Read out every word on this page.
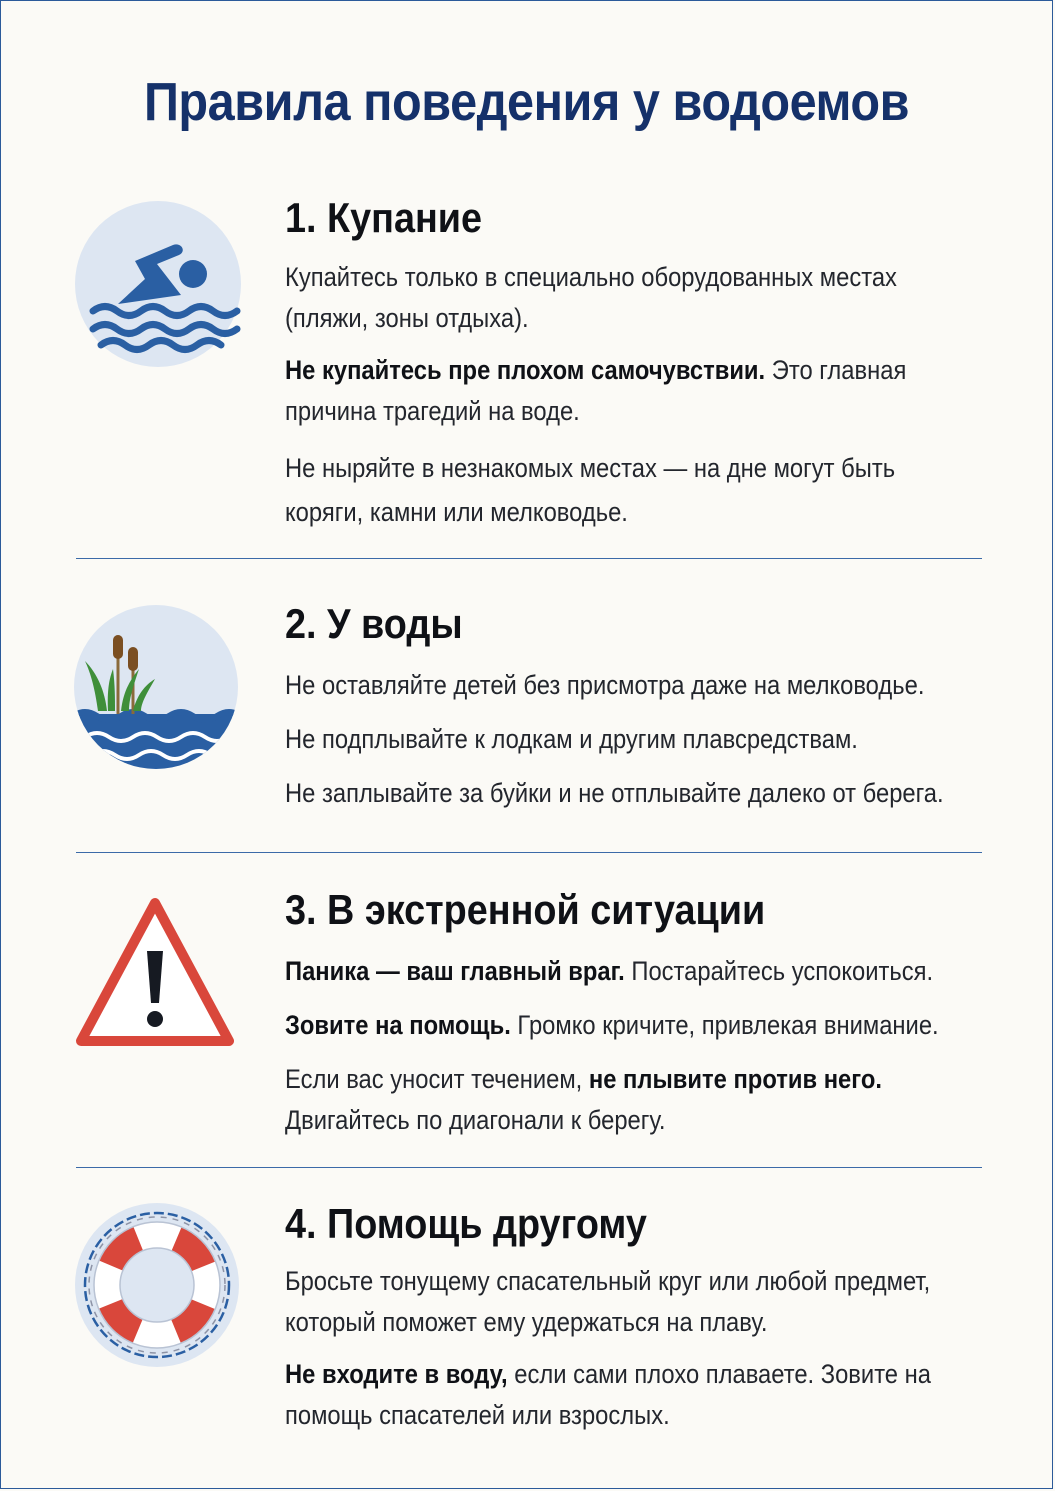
Правила поведения у водоемов
1. Купание
Купайтесь только в специально оборудованных местах
(пляжи, зоны отдыха).
Не купайтесь пре плохом самочувствии. Это главная
причина трагедий на воде.
Не ныряйте в незнакомых местах — на дне могут быть
коряги, камни или мелководье.
2. У воды
Не оставляйте детей без присмотра даже на мелководье.
Не подплывайте к лодкам и другим плавсредствам.
Не заплывайте за буйки и не отплывайте далеко от берега.
3. В экстренной ситуации
Паника — ваш главный враг. Постарайтесь успокоиться.
Зовите на помощь. Громко кричите, привлекая внимание.
Если вас уносит течением, не плывите против него.
Двигайтесь по диагонали к берегу.
4. Помощь другому
Бросьте тонущему спасательный круг или любой предмет,
который поможет ему удержаться на плаву.
Не входите в воду, если сами плохо плаваете. Зовите на
помощь спасателей или взрослых.
